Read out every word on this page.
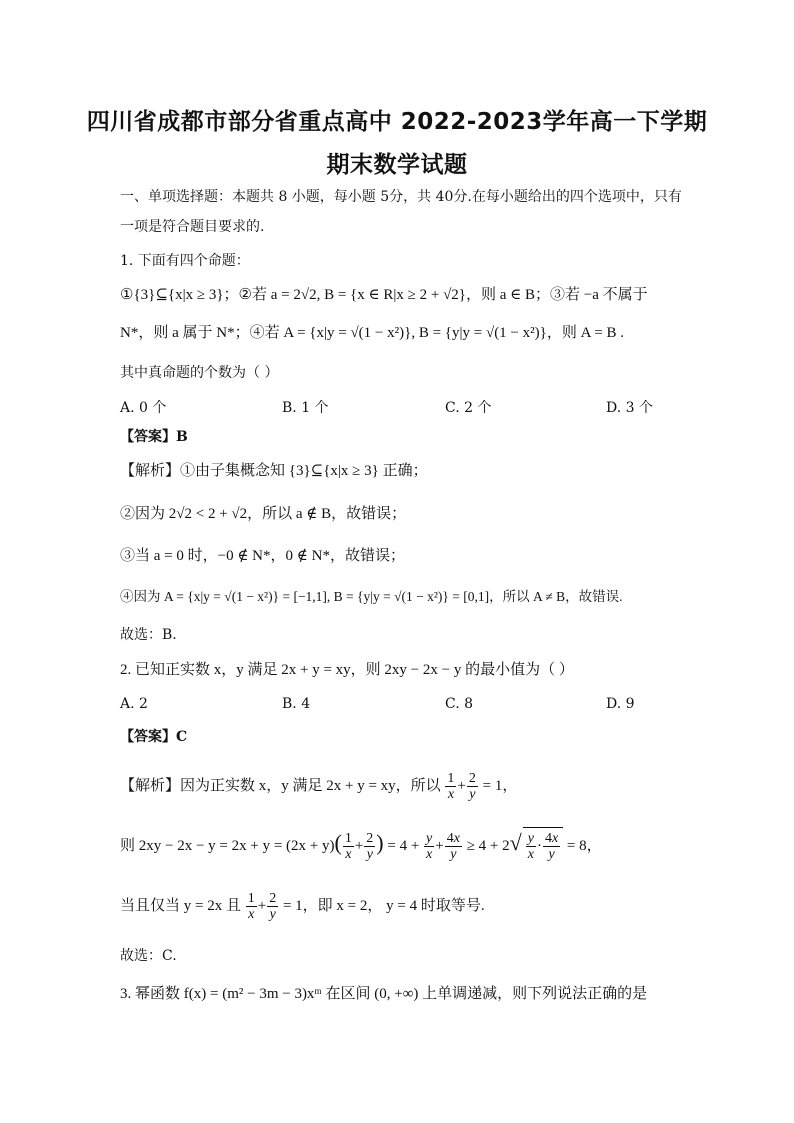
四川省成都市部分省重点高中 2022-2023学年高一下学期
期末数学试题
一、单项选择题：本题共 8 小题，每小题 5分，共 40分.在每小题给出的四个选项中，只有
一项是符合题目要求的.
1. 下面有四个命题：
①{3}⊆{x|x ≥ 3}；②若 a = 2√2, B = {x ∈ R|x ≥ 2 + √2}，则 a ∈ B；③若 −a 不属于
N*，则 a 属于 N*；④若 A = {x|y = √(1 − x²)}, B = {y|y = √(1 − x²)}，则 A = B .
其中真命题的个数为（ ）
A. 0 个	B. 1 个	C. 2 个	D. 3 个
【答案】B
【解析】①由子集概念知 {3}⊆{x|x ≥ 3} 正确；
②因为 2√2 < 2 + √2，所以 a ∉ B，故错误；
③当 a = 0 时，−0 ∉ N*，0 ∉ N*，故错误；
④因为 A = {x|y = √(1 − x²)} = [−1,1], B = {y|y = √(1 − x²)} = [0,1]，所以 A ≠ B，故错误.
故选：B.
2. 已知正实数 x，y 满足 2x + y = xy，则 2xy − 2x − y 的最小值为（ ）
A. 2	B. 4	C. 8	D. 9
【答案】C
【解析】因为正实数 x，y 满足 2x + y = xy，所以 $\frac{1}{x} + \frac{2}{y} = 1$，
则 $2xy - 2x - y = 2x + y = (2x + y)( \frac{1}{x} + \frac{2}{y}$ ) = $4 + \frac{y}{x} + \frac{4x}{y} \ge 4 + 2√ \frac{y}{x} \cdot \frac{4x}{y} = 8$，
当且仅当 y = 2x 且 $\frac{1}{x} + \frac{2}{y} = 1$，即 x = 2， y = 4 时取等号.
故选：C.
3. 幂函数 f(x) = (m² − 3m − 3)xᵐ 在区间 (0, +∞) 上单调递减，则下列说法正确的是
